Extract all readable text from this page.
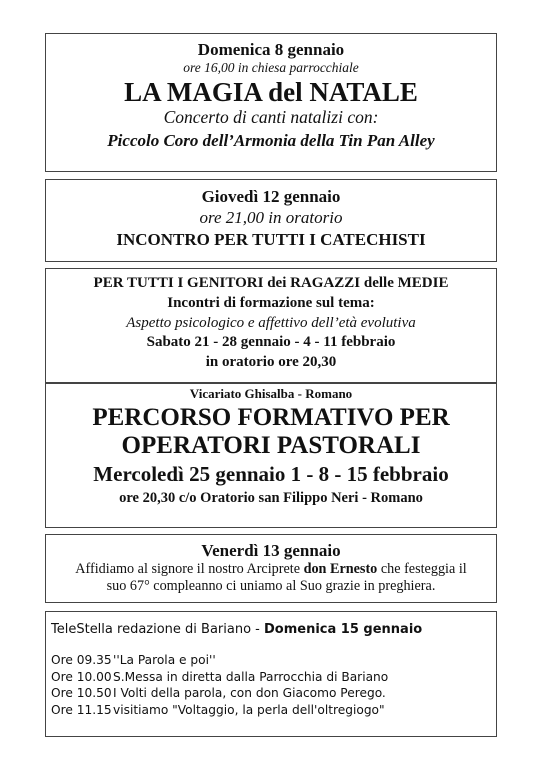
Domenica 8 gennaio
ore 16,00 in chiesa parrocchiale
LA MAGIA del NATALE
Concerto di canti natalizi con:
Piccolo Coro dell’Armonia della Tin Pan Alley
Giovedì 12 gennaio
ore 21,00 in oratorio
INCONTRO PER TUTTI I CATECHISTI
PER TUTTI I GENITORI dei RAGAZZI delle MEDIE
Incontri di formazione sul tema:
Aspetto psicologico e affettivo dell’età evolutiva
Sabato 21 - 28 gennaio - 4 - 11 febbraio
in oratorio ore 20,30
Vicariato Ghisalba - Romano
PERCORSO FORMATIVO PER
OPERATORI PASTORALI
Mercoledì 25 gennaio 1 - 8 - 15 febbraio
ore 20,30 c/o Oratorio san Filippo Neri - Romano
Venerdì 13 gennaio
Affidiamo al signore il nostro Arciprete don Ernesto che festeggia il
suo 67° compleanno ci uniamo al Suo grazie in preghiera.
TeleStella redazione di Bariano - Domenica 15 gennaio
Ore 09.35''La Parola e poi''
Ore 10.00S.Messa in diretta dalla Parrocchia di Bariano
Ore 10.50I Volti della parola, con don Giacomo Perego.
Ore 11.15visitiamo "Voltaggio, la perla dell'oltregiogo"
